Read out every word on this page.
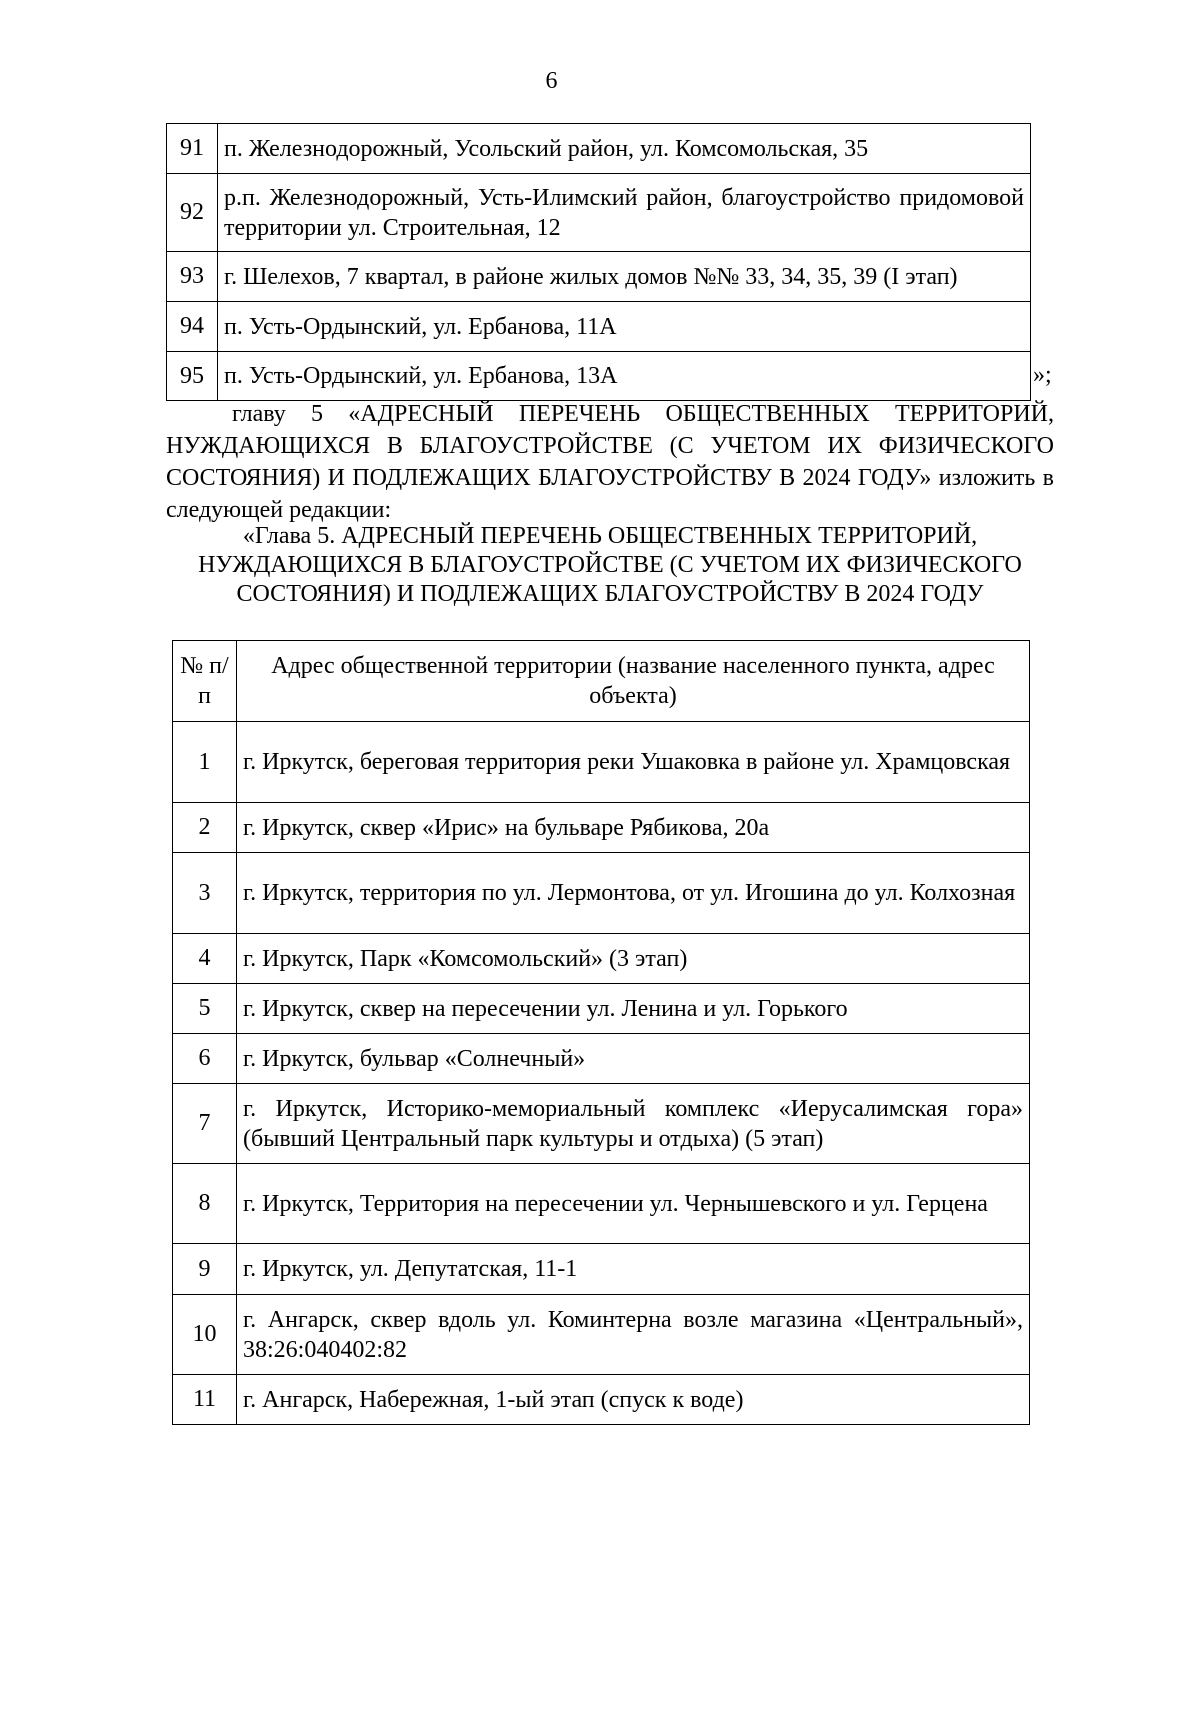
6
91	п. Железнодорожный, Усольский район, ул. Комсомольская, 35
92	р.п. Железнодорожный, Усть-Илимский район, благоустройство придомовой территории ул. Строительная, 12
93	г. Шелехов, 7 квартал, в районе жилых домов №№ 33, 34, 35, 39 (I этап)
94	п. Усть-Ордынский, ул. Ербанова, 11А
95	п. Усть-Ордынский, ул. Ербанова, 13А	»;
главу 5 «АДРЕСНЫЙ ПЕРЕЧЕНЬ ОБЩЕСТВЕННЫХ ТЕРРИТОРИЙ, НУЖДАЮЩИХСЯ В БЛАГОУСТРОЙСТВЕ (С УЧЕТОМ ИХ ФИЗИЧЕСКОГО СОСТОЯНИЯ) И ПОДЛЕЖАЩИХ БЛАГОУСТРОЙСТВУ В 2024 ГОДУ» изложить в следующей редакции:
«Глава 5. АДРЕСНЫЙ ПЕРЕЧЕНЬ ОБЩЕСТВЕННЫХ ТЕРРИТОРИЙ, НУЖДАЮЩИХСЯ В БЛАГОУСТРОЙСТВЕ (С УЧЕТОМ ИХ ФИЗИЧЕСКОГО СОСТОЯНИЯ) И ПОДЛЕЖАЩИХ БЛАГОУСТРОЙСТВУ В 2024 ГОДУ
№ п/п	Адрес общественной территории (название населенного пункта, адрес объекта)
1	г. Иркутск, береговая территория реки Ушаковка в районе ул. Храмцовская
2	г. Иркутск, сквер «Ирис» на бульваре Рябикова, 20а
3	г. Иркутск, территория по ул. Лермонтова, от ул. Игошина до ул. Колхозная
4	г. Иркутск, Парк «Комсомольский» (3 этап)
5	г. Иркутск, сквер на пересечении ул. Ленина и ул. Горького
6	г. Иркутск, бульвар «Солнечный»
7	г. Иркутск, Историко-мемориальный комплекс «Иерусалимская гора» (бывший Центральный парк культуры и отдыха) (5 этап)
8	г. Иркутск, Территория на пересечении ул. Чернышевского и ул. Герцена
9	г. Иркутск, ул. Депутатская, 11-1
10	г. Ангарск, сквер вдоль ул. Коминтерна возле магазина «Центральный», 38:26:040402:82
11	г. Ангарск, Набережная, 1-ый этап (спуск к воде)
